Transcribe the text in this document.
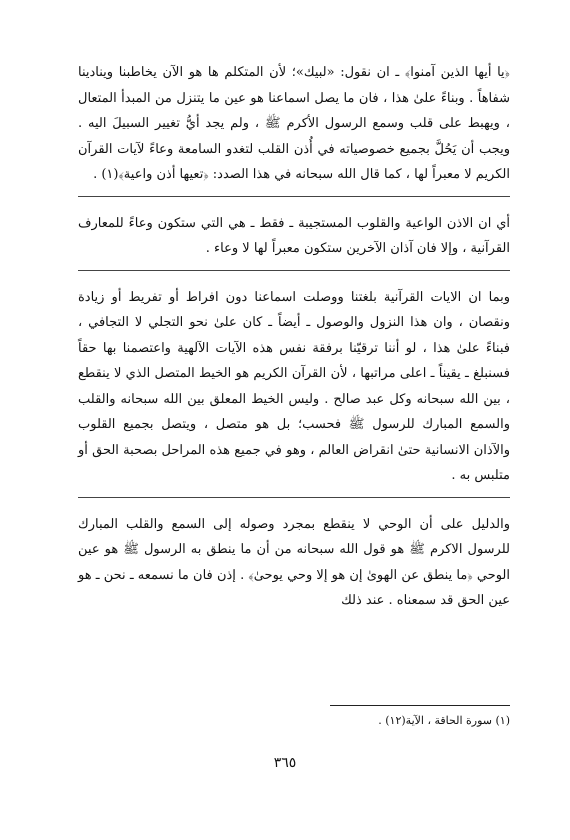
﴿يا أيها الذين آمنوا﴾ ـ ان نقول: «لبيك»؛ لأن المتكلم ها هو الآن يخاطبنا وينادينا شفاهاً . وبناءً علىٰ هذا ، فان ما يصل اسماعنا هو عين ما يتنزل من المبدأ المتعال ، ويهبط على قلب وسمع الرسول الأكرم ﷺ ، ولم يجد أيُّ تغيير السبيلَ اليه . ويجب أن يَحُلَّ بجميع خصوصياته في أُذن القلب لتغدو السامعة وعاءً لآيات القرآن الكريم لا معبراً لها ، كما قال الله سبحانه في هذا الصدد: ﴿تعيها أذن واعية﴾(١) .

أي ان الاذن الواعية والقلوب المستجيبة ـ فقط ـ هي التي ستكون وعاءً للمعارف القرآنية ، وإلا فان آذان الآخرين ستكون معبراً لها لا وعاء .

وبما ان الايات القرآنية بلغتنا ووصلت اسماعنا دون افراط أو تفريط أو زيادة ونقصان ، وان هذا النزول والوصول ـ أيضاً ـ كان علىٰ نحو التجلي لا التجافي ، فبناءً علىٰ هذا ، لو أننا ترقيّنا برفقة نفس هذه الآيات الآلهية واعتصمنا بها حقاً فسنبلغ ـ يقيناً ـ اعلى مراتبها ، لأن القرآن الكريم هو الخيط المتصل الذي لا ينقطع ، بين الله سبحانه وكل عبد صالح . وليس الخيط المعلق بين الله سبحانه والقلب والسمع المبارك للرسول ﷺ فحسب؛ بل هو متصل ، ويتصل بجميع القلوب والآذان الانسانية حتىٰ انقراض العالم ، وهو في جميع هذه المراحل بصحبة الحق أو متلبس به .

والدليل على أن الوحي لا ينقطع بمجرد وصوله إلى السمع والقلب المبارك للرسول الاكرم ﷺ هو قول الله سبحانه من أن ما ينطق به الرسول ﷺ هو عين الوحي ﴿ما ينطق عن الهوىٰ إن هو إلا وحي يوحىٰ﴾ . إذن فان ما نسمعه ـ نحن ـ هو عين الحق قد سمعناه . عند ذلك

(١) سورة الحاقة ، الآية(١٢) .
٣٦٥
